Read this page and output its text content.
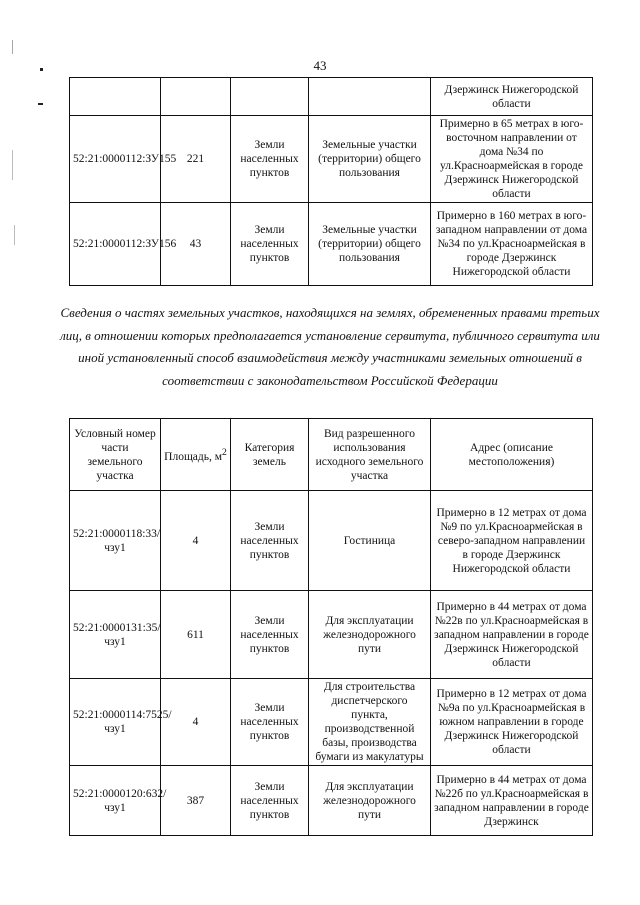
43
				Дзержинск Нижегородской области
52:21:0000112:ЗУ155	221	Земли населенных пунктов	Земельные участки (территории) общего пользования	Примерно в 65 метрах в юго-восточном направлении от дома №34 по ул.Красноармейская в городе Дзержинск Нижегородской области
52:21:0000112:ЗУ156	43	Земли населенных пунктов	Земельные участки (территории) общего пользования	Примерно в 160 метрах в юго-западном направлении от дома №34 по ул.Красноармейская в городе Дзержинск Нижегородской области
Сведения о частях земельных участков, находящихся на землях, обремененных правами третьих лиц, в отношении которых предполагается установление сервитута, публичного сервитута или иной установленный способ взаимодействия между участниками земельных отношений в соответствии с законодательством Российской Федерации
Условный номер части земельного участка	Площадь, $м^2$	Категория земель	Вид разрешенного использования исходного земельного участка	Адрес (описание местоположения)
52:21:0000118:33/чзу1	4	Земли населенных пунктов	Гостиница	Примерно в 12 метрах от дома №9 по ул.Красноармейская в северо-западном направлении в городе Дзержинск Нижегородской области
52:21:0000131:35/чзу1	611	Земли населенных пунктов	Для эксплуатации железнодорожного пути	Примерно в 44 метрах от дома №22в по ул.Красноармейская в западном направлении в городе Дзержинск Нижегородской области
52:21:0000114:7525/чзу1	4	Земли населенных пунктов	Для строительства диспетчерского пункта, производственной базы, производства бумаги из макулатуры	Примерно в 12 метрах от дома №9а по ул.Красноармейская в южном направлении в городе Дзержинск Нижегородской области
52:21:0000120:632/чзу1	387	Земли населенных пунктов	Для эксплуатации железнодорожного пути	Примерно в 44 метрах от дома №22б по ул.Красноармейская в западном направлении в городе Дзержинск
